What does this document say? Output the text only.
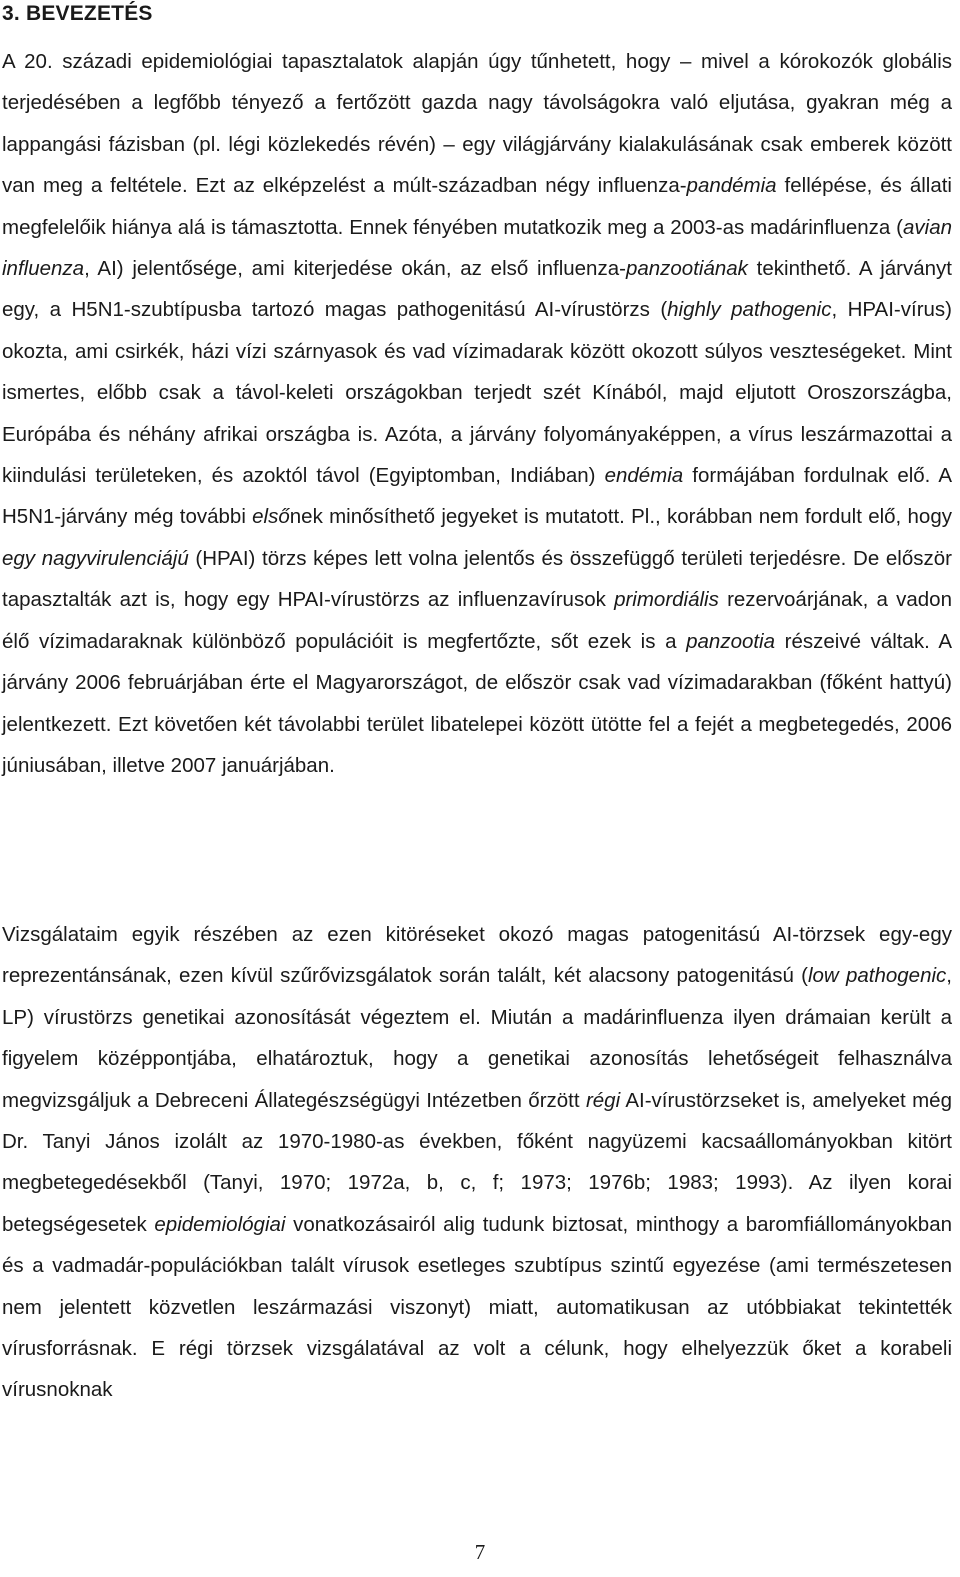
3. BEVEZETÉS

A 20. századi epidemiológiai tapasztalatok alapján úgy tűnhetett, hogy – mivel a kórokozók globális terjedésében a legfőbb tényező a fertőzött gazda nagy távolságokra való eljutása, gyakran még a lappangási fázisban (pl. légi közlekedés révén) – egy világjárvány kialakulásának csak emberek között van meg a feltétele. Ezt az elképzelést a múlt-században négy influenza-pandémia fellépése, és állati megfelelőik hiánya alá is támasztotta. Ennek fényében mutatkozik meg a 2003-as madárinfluenza (avian influenza, AI) jelentősége, ami kiterjedése okán, az első influenza-panzootiának tekinthető. A járványt egy, a H5N1-szubtípusba tartozó magas pathogenitású AI-vírustörzs (highly pathogenic, HPAI-vírus) okozta, ami csirkék, házi vízi szárnyasok és vad vízimadarak között okozott súlyos veszteségeket. Mint ismertes, előbb csak a távol-keleti országokban terjedt szét Kínából, majd eljutott Oroszországba, Európába és néhány afrikai országba is. Azóta, a járvány folyományaképpen, a vírus leszármazottai a kiindulási területeken, és azoktól távol (Egyiptomban, Indiában) endémia formájában fordulnak elő. A H5N1-járvány még további elsőnek minősíthető jegyeket is mutatott. Pl., korábban nem fordult elő, hogy egy nagyvirulenciájú (HPAI) törzs képes lett volna jelentős és összefüggő területi terjedésre. De először tapasztalták azt is, hogy egy HPAI-vírustörzs az influenzavírusok primordiális rezervoárjának, a vadon élő vízimadaraknak különböző populációit is megfertőzte, sőt ezek is a panzootia részeivé váltak. A járvány 2006 februárjában érte el Magyarországot, de először csak vad vízimadarakban (főként hattyú) jelentkezett. Ezt követően két távolabbi terület libatelepei között ütötte fel a fejét a megbetegedés, 2006 júniusában, illetve 2007 januárjában.

Vizsgálataim egyik részében az ezen kitöréseket okozó magas patogenitású AI-törzsek egy-egy reprezentánsának, ezen kívül szűrővizsgálatok során talált, két alacsony patogenitású (low pathogenic, LP) vírustörzs genetikai azonosítását végeztem el. Miután a madárinfluenza ilyen drámaian került a figyelem középpontjába, elhatároztuk, hogy a genetikai azonosítás lehetőségeit felhasználva megvizsgáljuk a Debreceni Állategészségügyi Intézetben őrzött régi AI-vírustörzseket is, amelyeket még Dr. Tanyi János izolált az 1970-1980-as években, főként nagyüzemi kacsaállományokban kitört megbetegedésekből (Tanyi, 1970; 1972a, b, c, f; 1973; 1976b; 1983; 1993). Az ilyen korai betegségesetek epidemiológiai vonatkozásairól alig tudunk biztosat, minthogy a baromfiállományokban és a vadmadár-populációkban talált vírusok esetleges szubtípus szintű egyezése (ami természetesen nem jelentett közvetlen leszármazási viszonyt) miatt, automatikusan az utóbbiakat tekintették vírusforrásnak. E régi törzsek vizsgálatával az volt a célunk, hogy elhelyezzük őket a korabeli vírusnoknak

7
